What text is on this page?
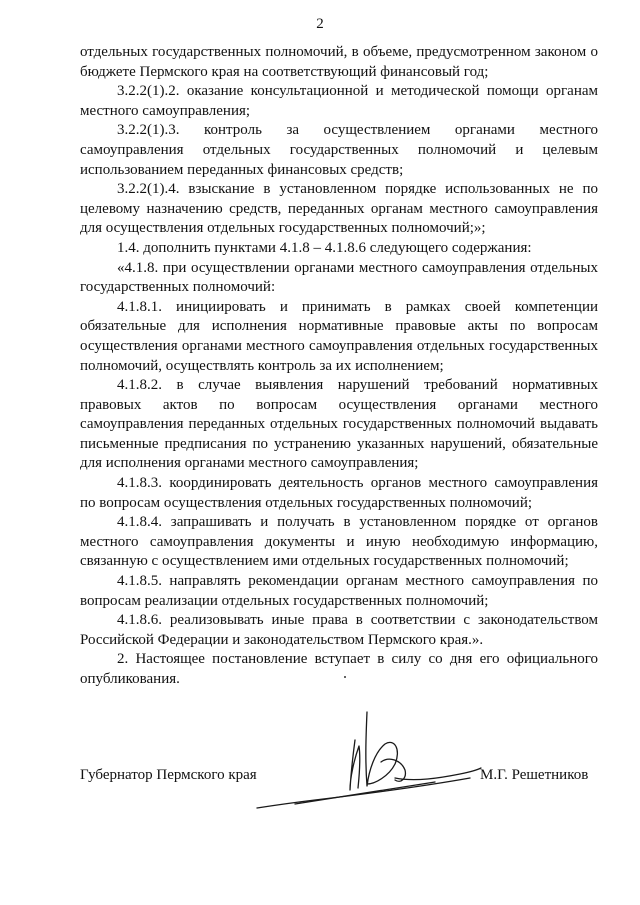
2

отдельных государственных полномочий, в объеме, предусмотренном законом о бюджете Пермского края на соответствующий финансовый год;

3.2.2(1).2. оказание консультационной и методической помощи органам местного самоуправления;

3.2.2(1).3. контроль за осуществлением органами местного самоуправления отдельных государственных полномочий и целевым использованием переданных финансовых средств;

3.2.2(1).4. взыскание в установленном порядке использованных не по целевому назначению средств, переданных органам местного самоуправления для осуществления отдельных государственных полномочий;»;

1.4. дополнить пунктами 4.1.8 – 4.1.8.6 следующего содержания:

«4.1.8. при осуществлении органами местного самоуправления отдельных государственных полномочий:

4.1.8.1. инициировать и принимать в рамках своей компетенции обязательные для исполнения нормативные правовые акты по вопросам осуществления органами местного самоуправления отдельных государственных полномочий, осуществлять контроль за их исполнением;

4.1.8.2. в случае выявления нарушений требований нормативных правовых актов по вопросам осуществления органами местного самоуправления переданных отдельных государственных полномочий выдавать письменные предписания по устранению указанных нарушений, обязательные для исполнения органами местного самоуправления;

4.1.8.3. координировать деятельность органов местного самоуправления по вопросам осуществления отдельных государственных полномочий;

4.1.8.4. запрашивать и получать в установленном порядке от органов местного самоуправления документы и иную необходимую информацию, связанную с осуществлением ими отдельных государственных полномочий;

4.1.8.5. направлять рекомендации органам местного самоуправления по вопросам реализации отдельных государственных полномочий;

4.1.8.6. реализовывать иные права в соответствии с законодательством Российской Федерации и законодательством Пермского края.».

2. Настоящее постановление вступает в силу со дня его официального опубликования.

Губернатор Пермского края	М.Г. Решетников
